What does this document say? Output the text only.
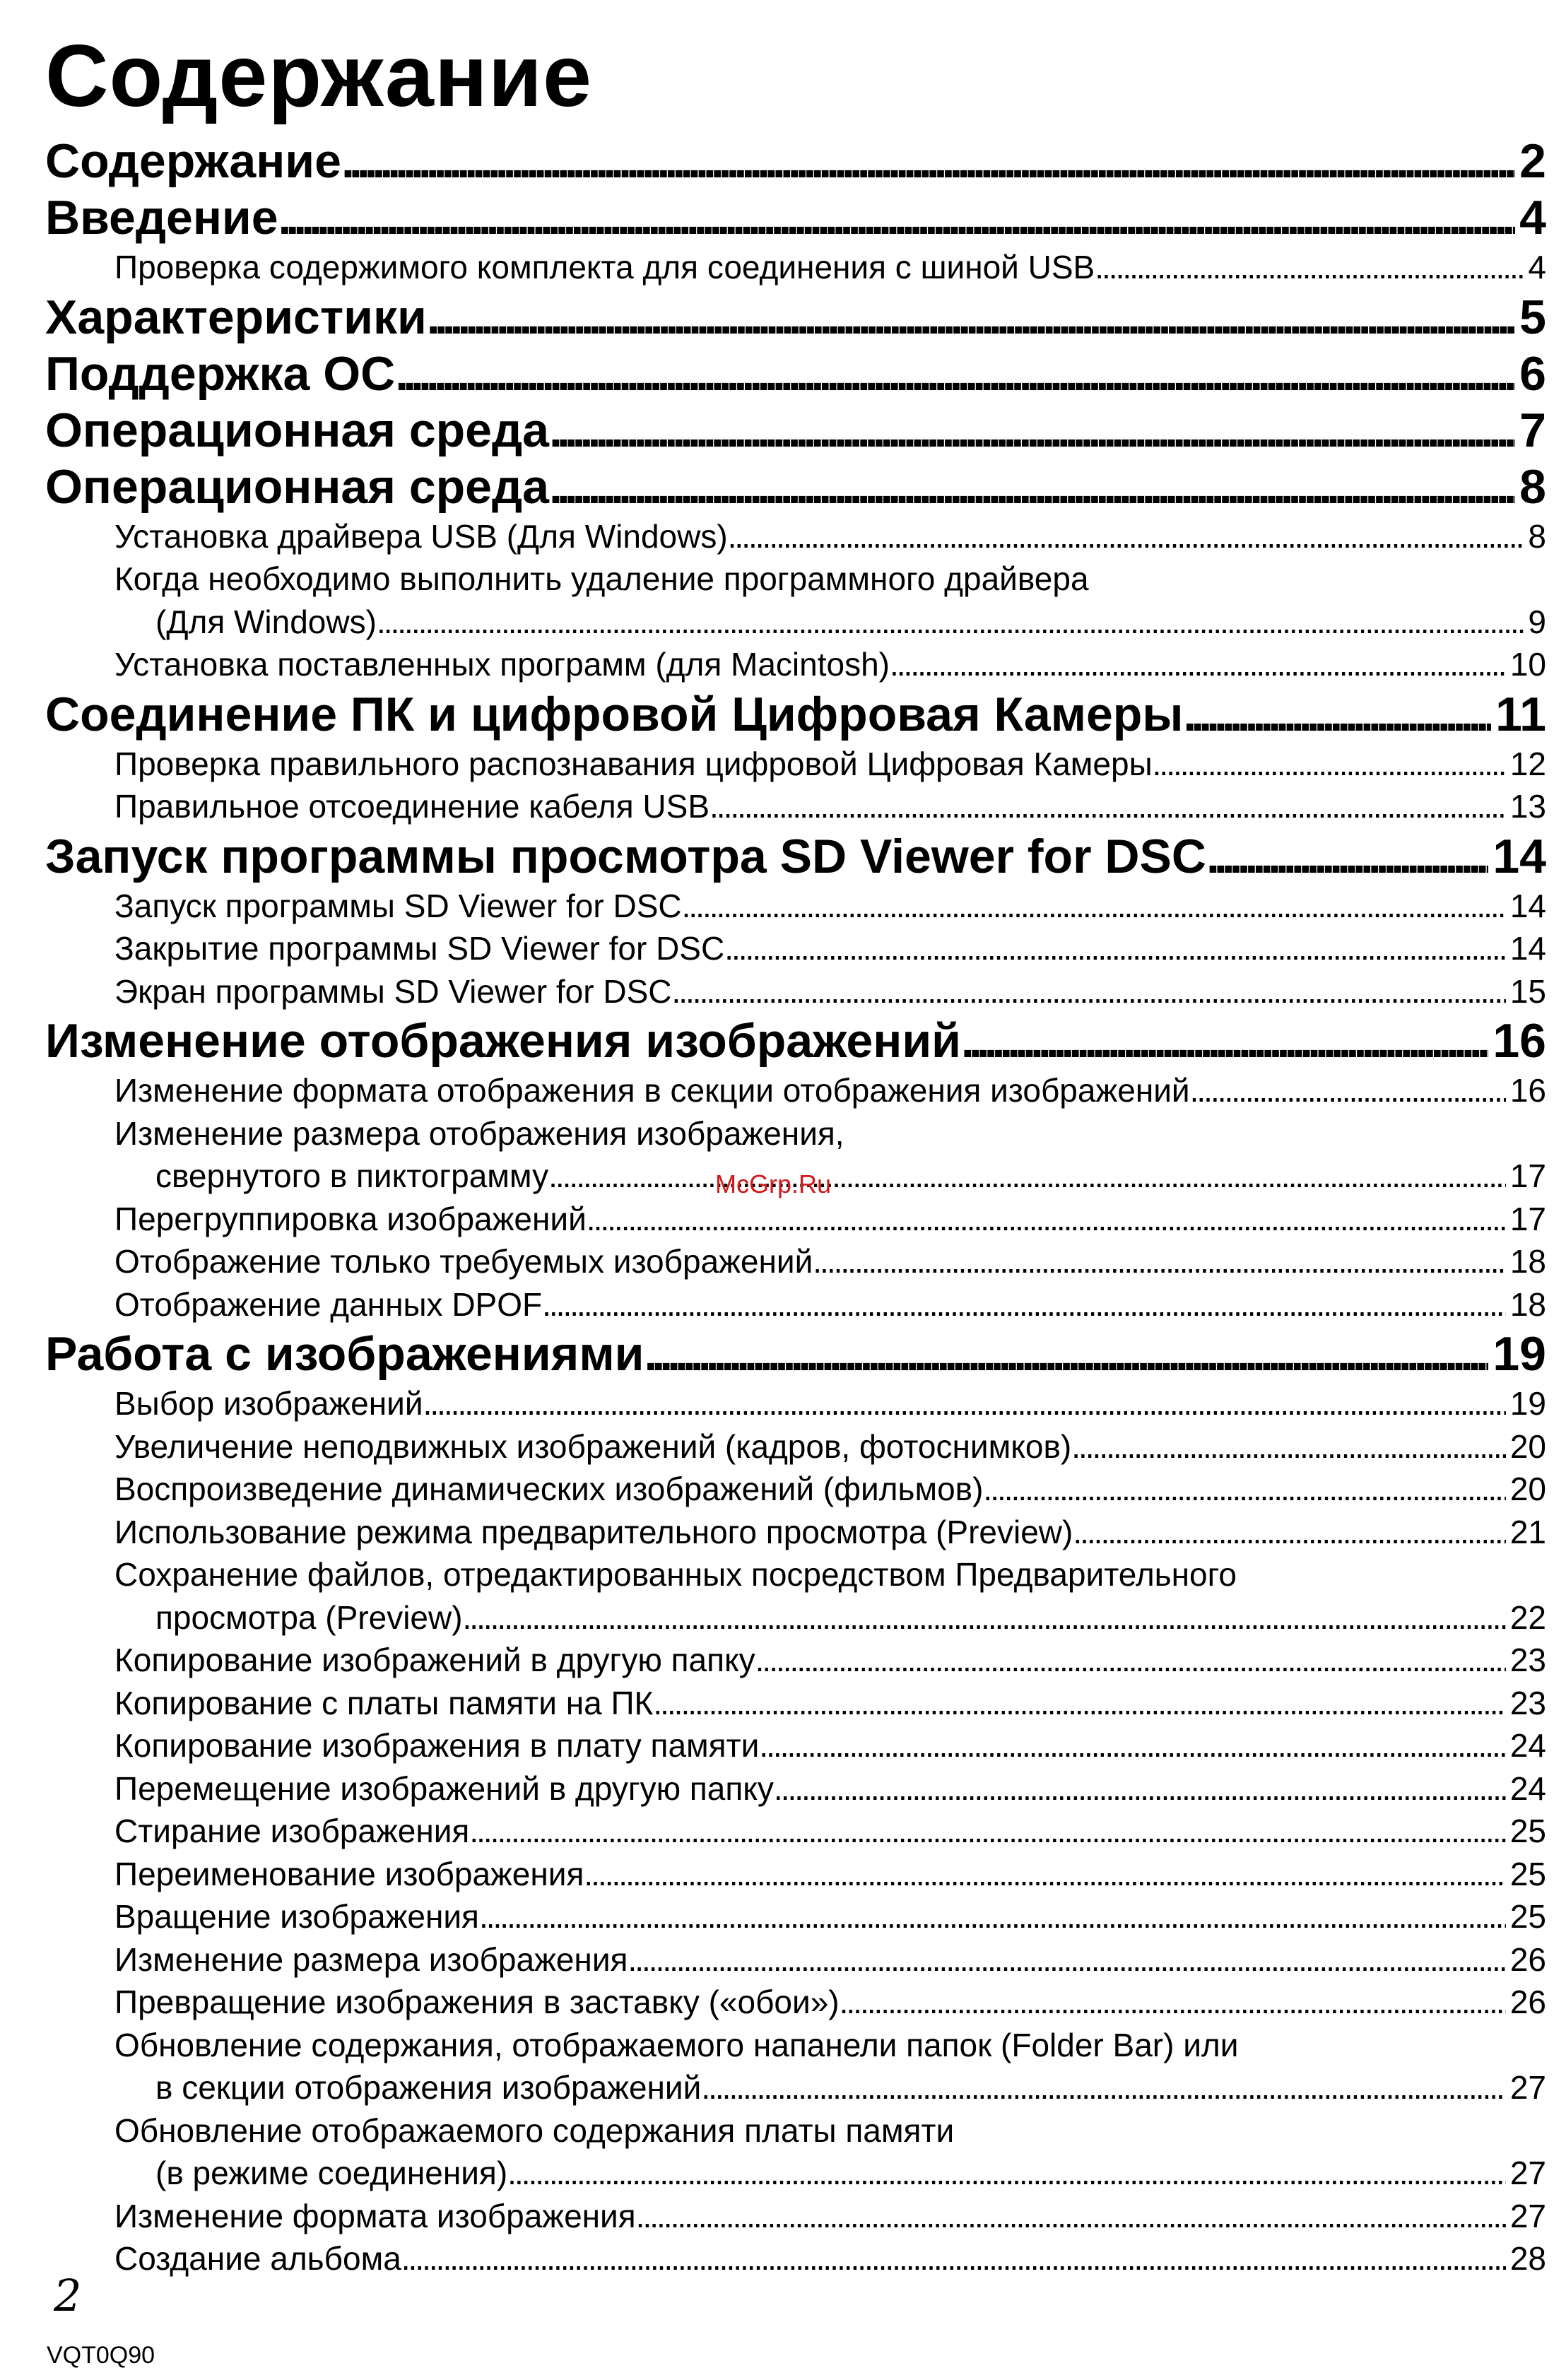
Содержание
Содержание .....	2
Введение .....	4
Проверка содержимого комплекта для соединения с шиной USB .....	4
Характеристики .....	5
Поддержка ОС .....	6
Операционная среда .....	7
Операционная среда .....	8
Установка драйвера USB (Для Windows) .....	8
Когда необходимо выполнить удаление программного драйвера
(Для Windows) .....	9
Установка поставленных программ (для Macintosh) .....	10
Соединение ПК и цифровой Цифровая Камеры .....	11
Проверка правильного распознавания цифровой Цифровая Камеры .....	12
Правильное отсоединение кабеля USB .....	13
Запуск программы просмотра SD Viewer for DSC .....	14
Запуск программы SD Viewer for DSC .....	14
Закрытие программы SD Viewer for DSC .....	14
Экран программы SD Viewer for DSC .....	15
Изменение отображения изображений .....	16
Изменение формата отображения в секции отображения изображений .....	16
Изменение размера отображения изображения,
свернутого в пиктограмму .....	17
Перегруппировка изображений .....	17
Отображение только требуемых изображений .....	18
Отображение данных DPOF .....	18
Работа с изображениями .....	19
Выбор изображений .....	19
Увеличение неподвижных изображений (кадров, фотоснимков) .....	20
Воспроизведение динамических изображений (фильмов) .....	20
Использование режима предварительного просмотра (Preview) .....	21
Сохранение файлов, отредактированных посредством Предварительного
просмотра (Preview) .....	22
Копирование изображений в другую папку .....	23
Копирование с платы памяти на ПК .....	23
Копирование изображения в плату памяти .....	24
Перемещение изображений в другую папку .....	24
Стирание изображения .....	25
Переименование изображения .....	25
Вращение изображения .....	25
Изменение размера изображения .....	26
Превращение изображения в заставку («обои») .....	26
Обновление содержания, отображаемого напанели папок (Folder Bar) или
в секции отображения изображений .....	27
Обновление отображаемого содержания платы памяти
(в режиме соединения) .....	27
Изменение формата изображения .....	27
Создание альбома .....	28
McGrp.Ru
2
VQT0Q90
